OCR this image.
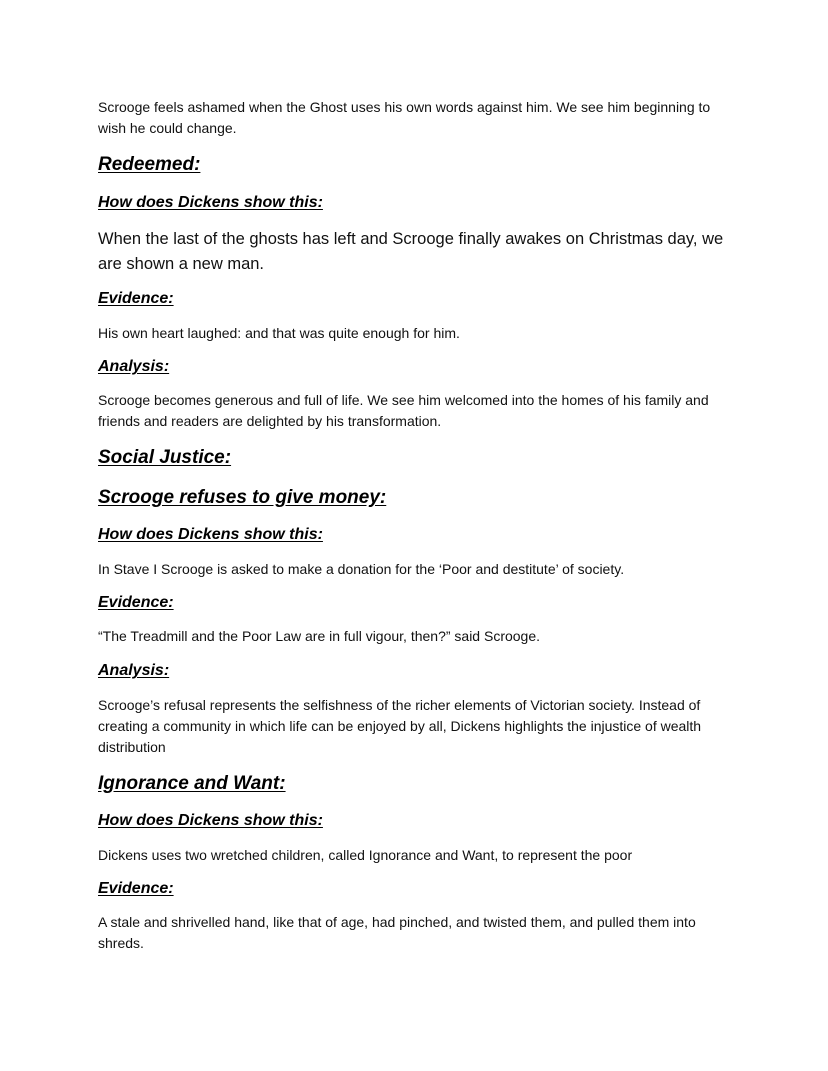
Scrooge feels ashamed when the Ghost uses his own words against him. We see him beginning to wish he could change.

Redeemed:
How does Dickens show this:

When the last of the ghosts has left and Scrooge finally awakes on Christmas day, we are shown a new man.

Evidence:

His own heart laughed: and that was quite enough for him.

Analysis:

Scrooge becomes generous and full of life. We see him welcomed into the homes of his family and friends and readers are delighted by his transformation.

Social Justice:
Scrooge refuses to give money:
How does Dickens show this:

In Stave I Scrooge is asked to make a donation for the ‘Poor and destitute’ of society.

Evidence:

“The Treadmill and the Poor Law are in full vigour, then?” said Scrooge.

Analysis:

Scrooge’s refusal represents the selfishness of the richer elements of Victorian society. Instead of creating a community in which life can be enjoyed by all, Dickens highlights the injustice of wealth distribution

Ignorance and Want:
How does Dickens show this:

Dickens uses two wretched children, called Ignorance and Want, to represent the poor

Evidence:

A stale and shrivelled hand, like that of age, had pinched, and twisted them, and pulled them into shreds.
